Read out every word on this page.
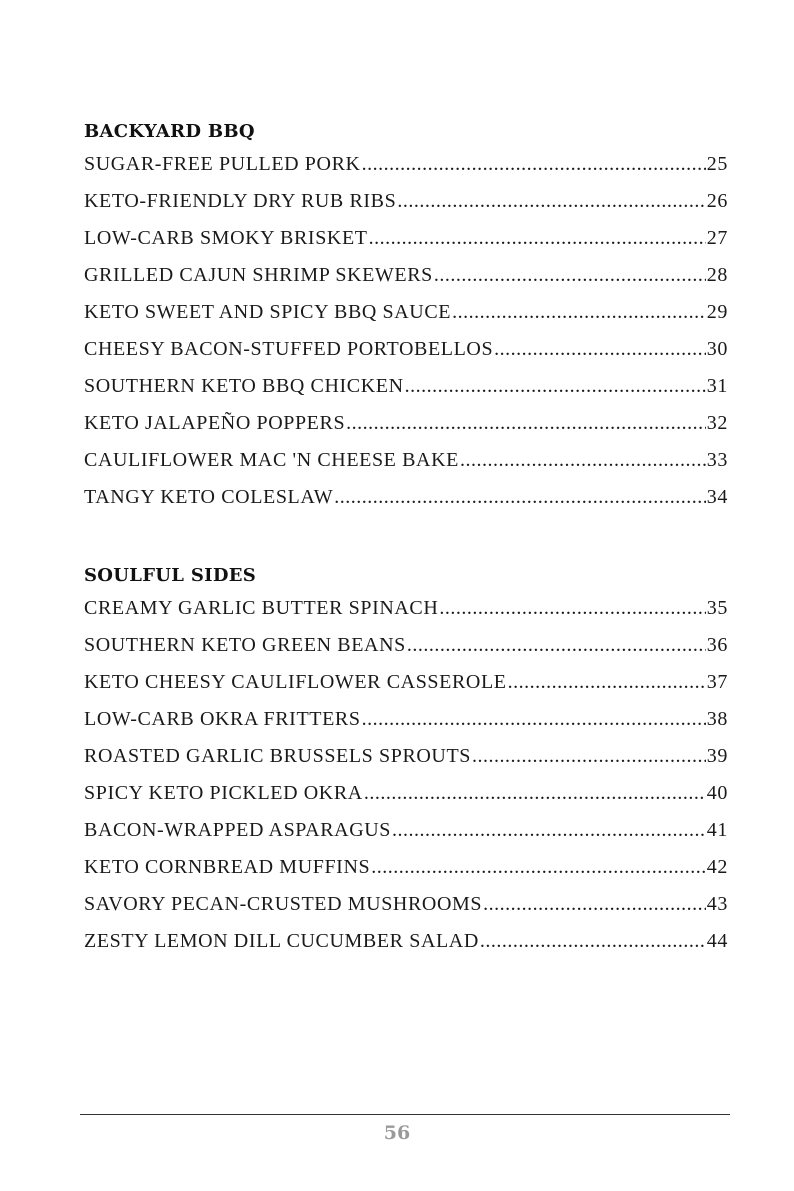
BACKYARD BBQ
SUGAR-FREE PULLED PORK .....	25
KETO-FRIENDLY DRY RUB RIBS .....	26
LOW-CARB SMOKY BRISKET .....	27
GRILLED CAJUN SHRIMP SKEWERS .....	28
KETO SWEET AND SPICY BBQ SAUCE .....	29
CHEESY BACON-STUFFED PORTOBELLOS .....	30
SOUTHERN KETO BBQ CHICKEN .....	31
KETO JALAPEÑO POPPERS .....	32
CAULIFLOWER MAC 'N CHEESE BAKE .....	33
TANGY KETO COLESLAW .....	34
SOULFUL SIDES
CREAMY GARLIC BUTTER SPINACH .....	35
SOUTHERN KETO GREEN BEANS .....	36
KETO CHEESY CAULIFLOWER CASSEROLE .....	37
LOW-CARB OKRA FRITTERS .....	38
ROASTED GARLIC BRUSSELS SPROUTS .....	39
SPICY KETO PICKLED OKRA .....	40
BACON-WRAPPED ASPARAGUS .....	41
KETO CORNBREAD MUFFINS .....	42
SAVORY PECAN-CRUSTED MUSHROOMS .....	43
ZESTY LEMON DILL CUCUMBER SALAD .....	44
56
